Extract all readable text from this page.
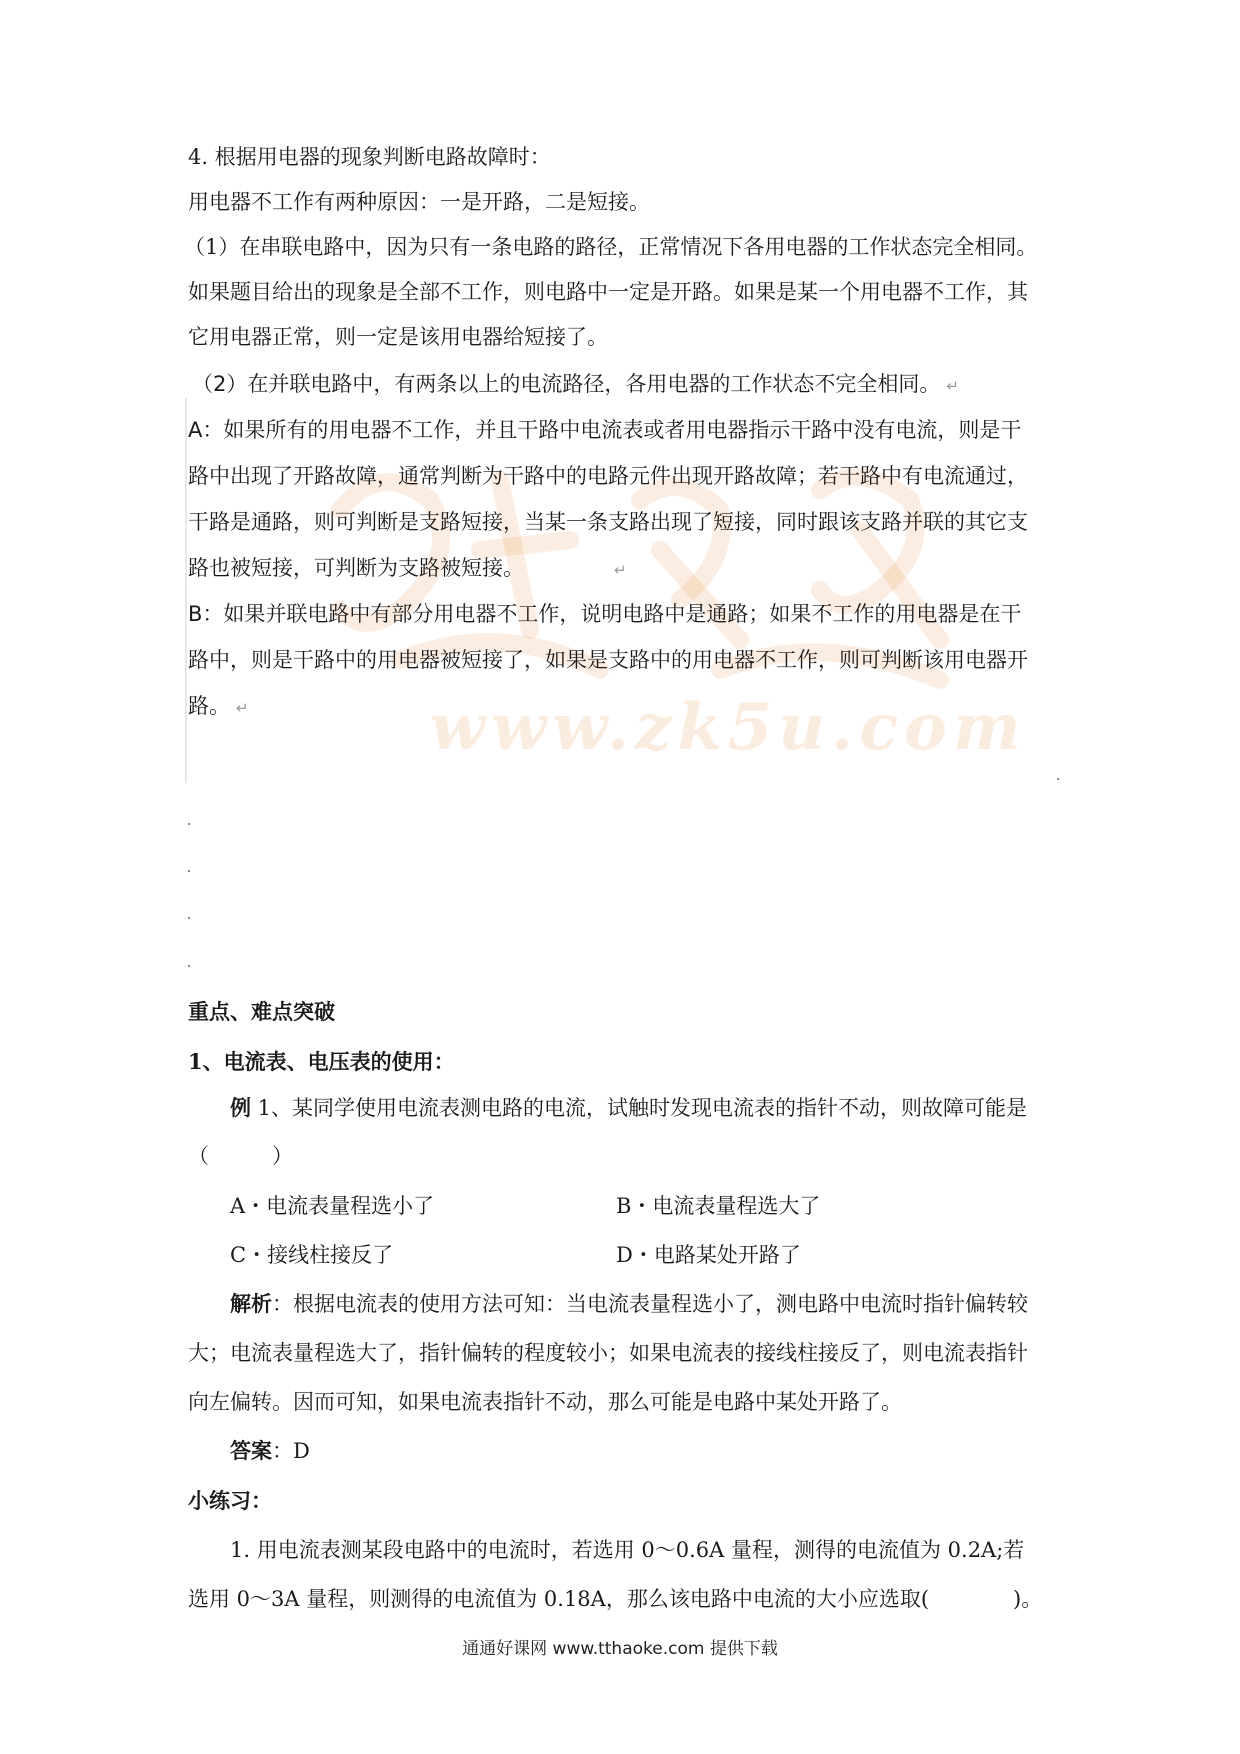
www.zk5u.com
4. 根据用电器的现象判断电路故障时：
用电器不工作有两种原因：一是开路，二是短接。
（1）在串联电路中，因为只有一条电路的路径，正常情况下各用电器的工作状态完全相同。
如果题目给出的现象是全部不工作，则电路中一定是开路。如果是某一个用电器不工作，其
它用电器正常，则一定是该用电器给短接了。
（2）在并联电路中，有两条以上的电流路径，各用电器的工作状态不完全相同。 ↵
A：如果所有的用电器不工作，并且干路中电流表或者用电器指示干路中没有电流，则是干
路中出现了开路故障，通常判断为干路中的电路元件出现开路故障；若干路中有电流通过，
干路是通路，则可判断是支路短接，当某一条支路出现了短接，同时跟该支路并联的其它支
路也被短接，可判断为支路被短接。	↵
B：如果并联电路中有部分用电器不工作，说明电路中是通路；如果不工作的用电器是在干
路中，则是干路中的用电器被短接了，如果是支路中的用电器不工作，则可判断该用电器开
路。 ↵
重点、难点突破
1、电流表、电压表的使用：
例 1、某同学使用电流表测电路的电流，试触时发现电流表的指针不动，则故障可能是
（　　　）
A・电流表量程选小了	B・电流表量程选大了
C・接线柱接反了	D・电路某处开路了
解析：根据电流表的使用方法可知：当电流表量程选小了，测电路中电流时指针偏转较
大；电流表量程选大了，指针偏转的程度较小；如果电流表的接线柱接反了，则电流表指针
向左偏转。因而可知，如果电流表指针不动，那么可能是电路中某处开路了。
答案：D
小练习：
1. 用电流表测某段电路中的电流时，若选用 0～0.6A 量程，测得的电流值为 0.2A;若
选用 0～3A 量程，则测得的电流值为 0.18A，那么该电路中电流的大小应选取(　　　　)。
通通好课网 www.tthaoke.com 提供下载
